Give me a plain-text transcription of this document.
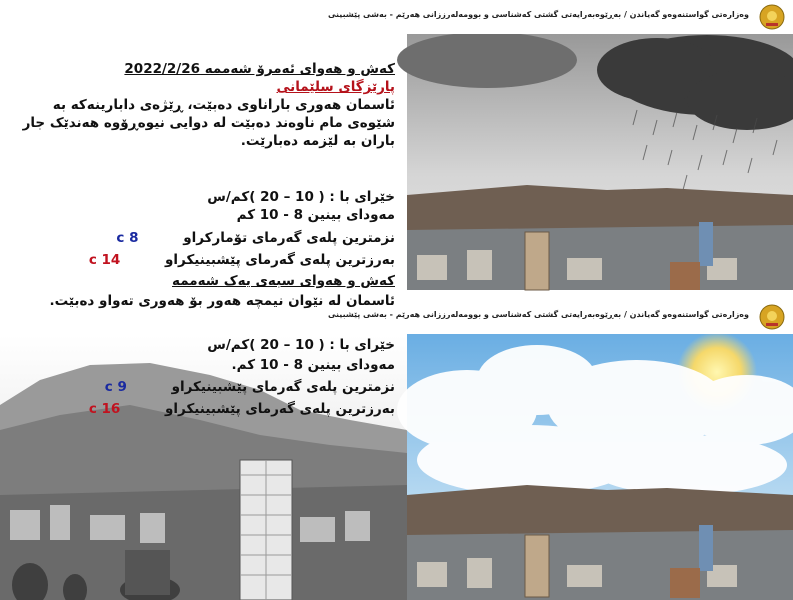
کەش و هەوای ئەمرۆ شەممە 2022/2/26
پارێزگای سلێمانی
ئاسمان هەوری باراناوی دەبێت، ڕێژەی دابارینەکە بە شێوەی مام ناوەند دەبێت لە دوایی نیوەڕۆوە هەندێک جار باران بە لێزمە دەبارێت.
خێرای با : ( 10 – 20 )کم/س
مەودای بینین 8 - 10 کم
نزمترین پلەی گەرمای تۆمارکراو 8 c
بەرزترین پلەی گەرمای پێشبینیکراو 14 c
کەش و هەوای سبەی یەک شەممە
ئاسمان لە نێوان نیمچە هەور بۆ هەوری تەواو دەبێت.
خێرای با : ( 10 – 20 )کم/س
مەودای بینین 8 - 10 کم.
نزمترین پلەی گەرمای پێشبینیکراو 9 c
بەرزترین پلەی گەرمای پێشبینیکراو 16 c
وەزارەتی گواستنەوەو گەیاندن / بەڕێوەبەرایەتی گشتی کەشناسی و بوومەلەرززانی هەرێم - بەشی پێشبینی
وەزارەتی گواستنەوەو گەیاندن / بەڕێوەبەرایەتی گشتی کەشناسی و بوومەلەرززانی هەرێم - بەشی پێشبینی
